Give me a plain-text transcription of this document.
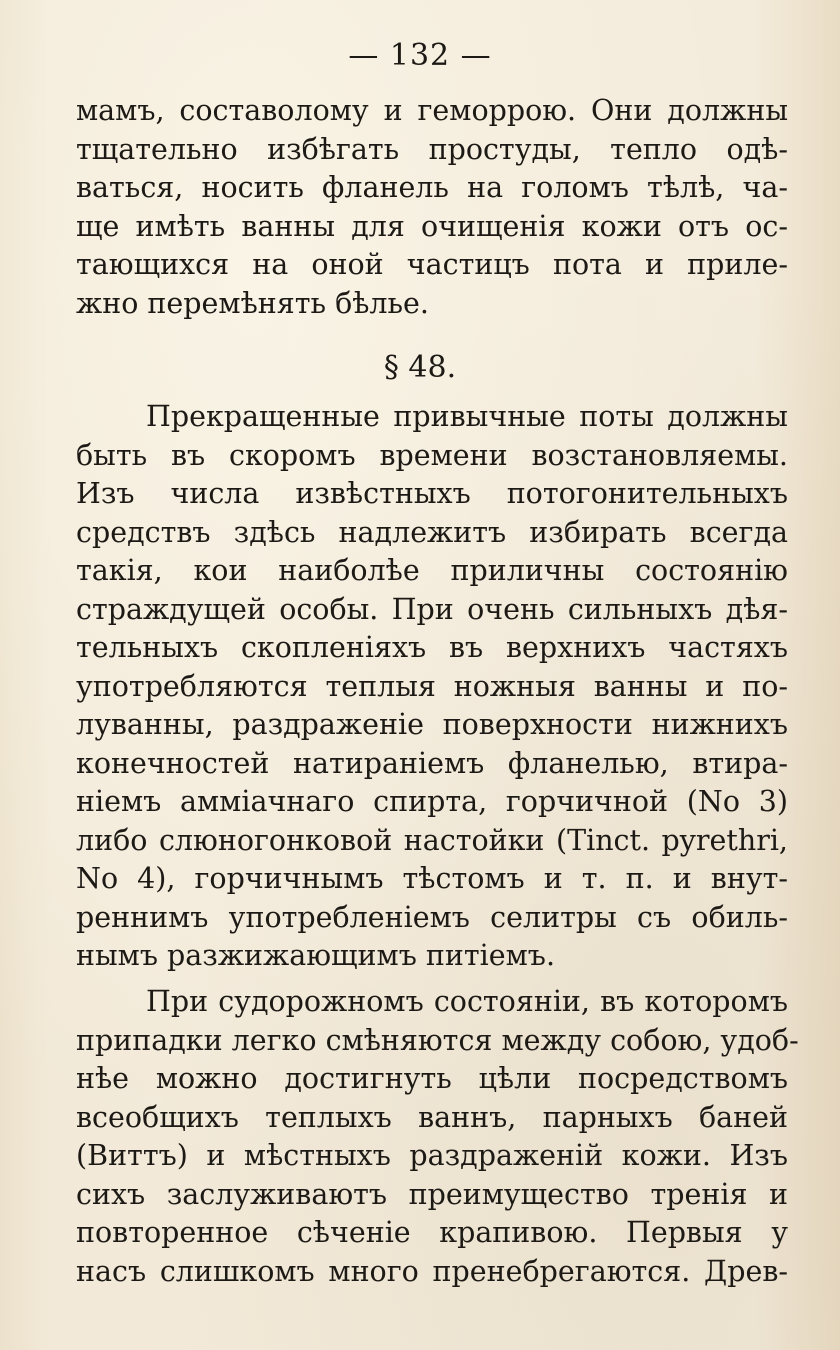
— 132 —

мамъ, составолому и геморрою. Они должны
тщательно избѣгать простуды, тепло одѣ-
ваться, носить фланель на голомъ тѣлѣ, ча-
ще имѣть ванны для очищенія кожи отъ ос-
тающихся на оной частицъ пота и приле-
жно перемѣнять бѣлье.

§ 48.

Прекращенные привычные поты должны
быть въ скоромъ времени возстановляемы.
Изъ числа извѣстныхъ потогонительныхъ
средствъ здѣсь надлежитъ избирать всегда
такія, кои наиболѣе приличны состоянію
страждущей особы. При очень сильныхъ дѣя-
тельныхъ скопленіяхъ въ верхнихъ частяхъ
употребляются теплыя ножныя ванны и по-
луванны, раздраженіе поверхности нижнихъ
конечностей натираніемъ фланелью, втира-
ніемъ аммiачнаго спирта, горчичной (No 3)
либо слюногонковой настойки (Tinct. pyrethri,
No 4), горчичнымъ тѣстомъ и т. п. и внут-
реннимъ употребленіемъ селитры съ обиль-
нымъ разжижающимъ питіемъ.

При судорожномъ состояніи, въ которомъ
припадки легко смѣняются между собою, удоб-
нѣе можно достигнуть цѣли посредствомъ
всеобщихъ теплыхъ ваннъ, парныхъ баней
(Виттъ) и мѣстныхъ раздраженій кожи. Изъ
сихъ заслуживаютъ преимущество тренія и
повторенное сѣченіе крапивою. Первыя у
насъ слишкомъ много пренебрегаются. Древ-
